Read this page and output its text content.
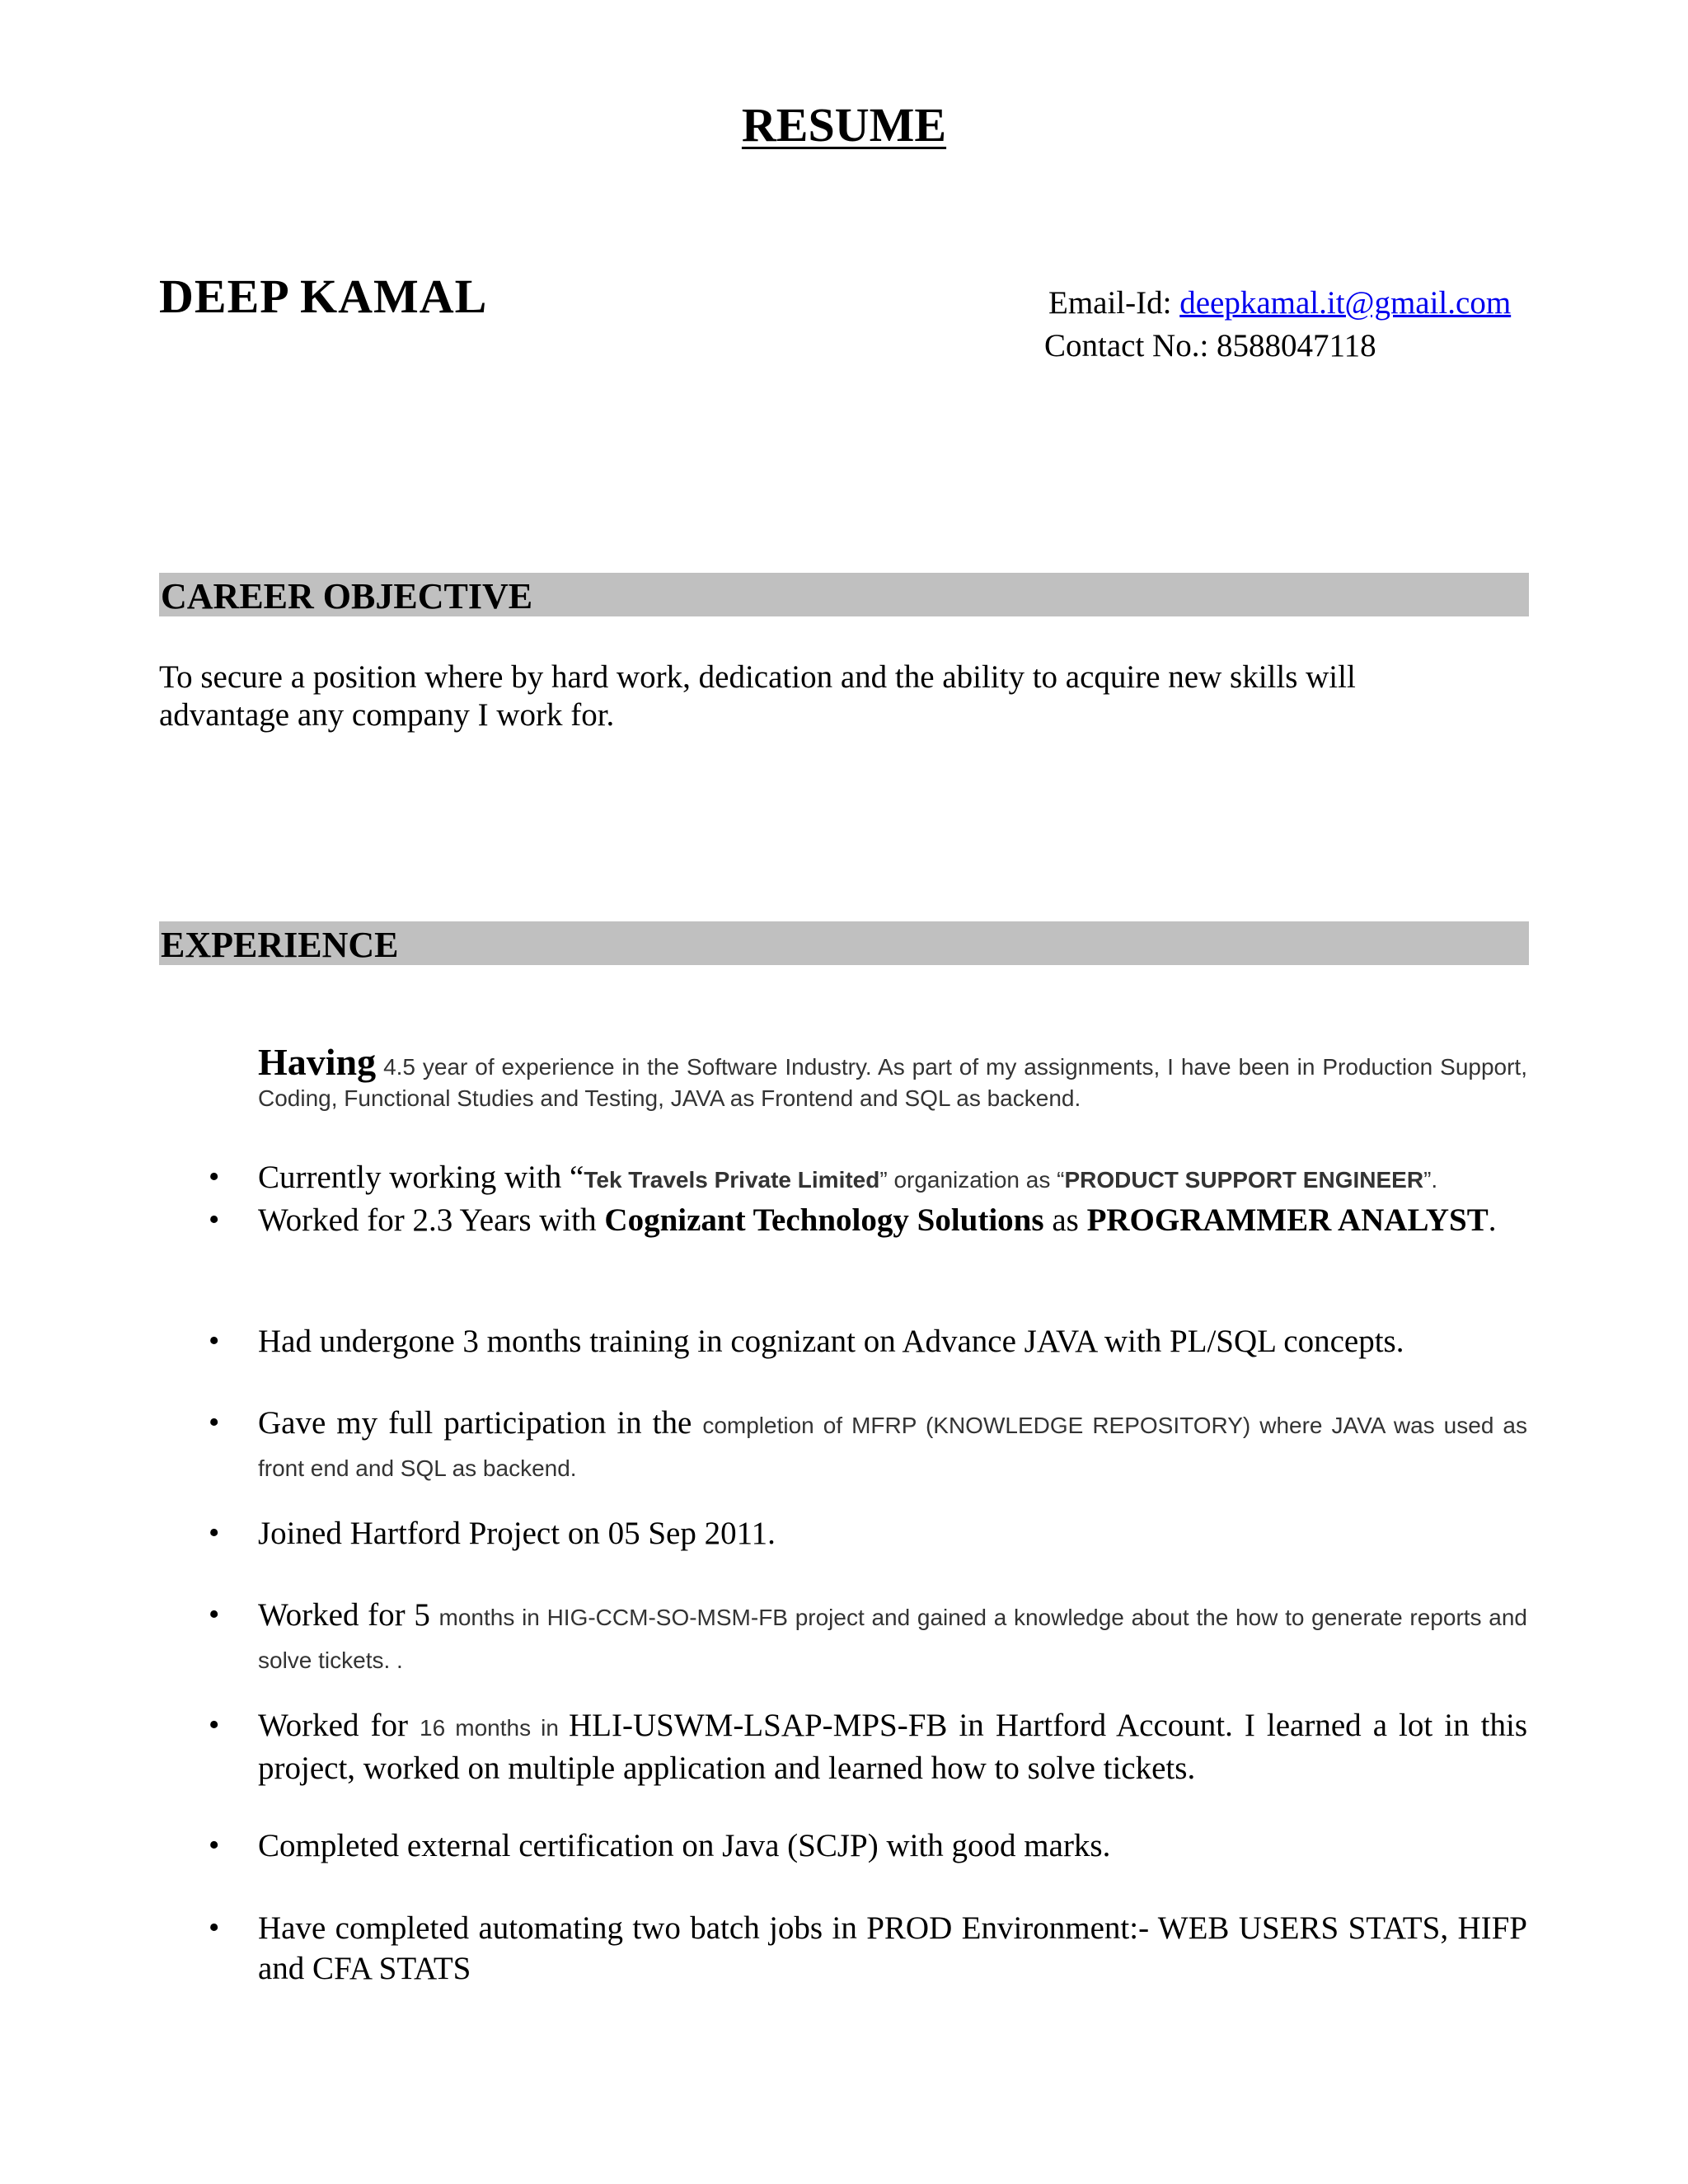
RESUME
DEEP KAMAL	Email-Id: deepkamal.it@gmail.com
Contact No.: 8588047118
CAREER OBJECTIVE
To secure a position where by hard work, dedication and the ability to acquire new skills will
advantage any company I work for.
EXPERIENCE
Having 4.5 year of experience in the Software Industry. As part of my assignments, I have been in Production Support, Coding, Functional Studies and Testing, JAVA as Frontend and SQL as backend.
• Currently working with “Tek Travels Private Limited” organization as “PRODUCT SUPPORT ENGINEER”.
• Worked for 2.3 Years with Cognizant Technology Solutions as PROGRAMMER ANALYST.
• Had undergone 3 months training in cognizant on Advance JAVA with PL/SQL concepts.
• Gave my full participation in the completion of MFRP (KNOWLEDGE REPOSITORY) where JAVA was used as front end and SQL as backend.
• Joined Hartford Project on 05 Sep 2011.
• Worked for 5 months in HIG-CCM-SO-MSM-FB project and gained a knowledge about the how to generate reports and solve tickets. .
• Worked for 16 months in HLI-USWM-LSAP-MPS-FB in Hartford Account. I learned a lot in this project, worked on multiple application and learned how to solve tickets.
• Completed external certification on Java (SCJP) with good marks.
• Have completed automating two batch jobs in PROD Environment:- WEB USERS STATS, HIFP and CFA STATS
